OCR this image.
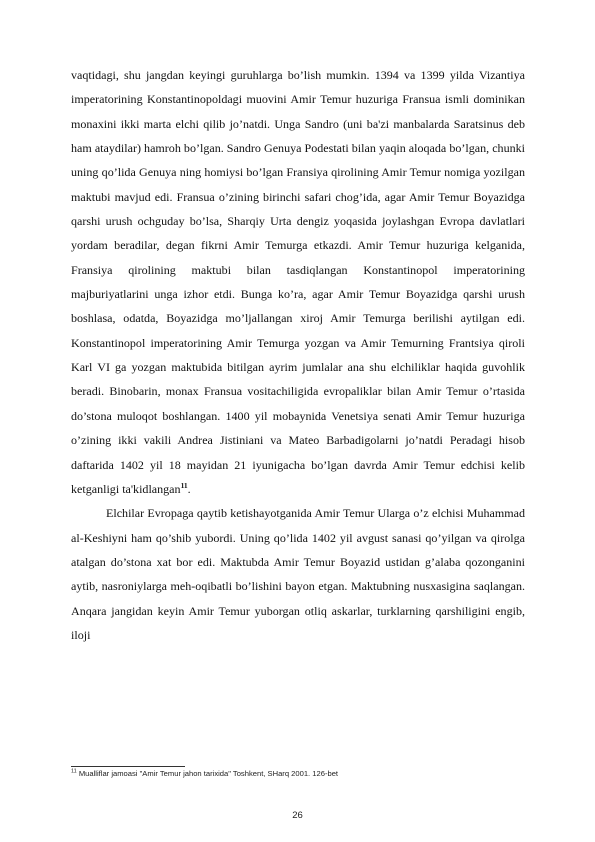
vaqtidagi, shu jangdan keyingi guruhlarga bo’lish mumkin. 1394 va 1399 yilda Vizantiya imperatorining Konstantinopoldagi muovini Amir Temur huzuriga Fransua ismli dominikan monaxini ikki marta elchi qilib jo’natdi. Unga Sandro (uni ba'zi manbalarda Saratsinus deb ham ataydilar) hamroh bo’lgan. Sandro Genuya Podestati bilan yaqin aloqada bo’lgan, chunki uning qo’lida Genuya ning homiysi bo’lgan Fransiya qirolining Amir Temur nomiga yozilgan maktubi mavjud edi. Fransua o’zining birinchi safari chog’ida, agar Amir Temur Boyazidga qarshi urush ochguday bo’lsa, Sharqiy Urta dengiz yoqasida joylashgan Evropa davlatlari yordam beradilar, degan fikrni Amir Temurga etkazdi. Amir Temur huzuriga kelganida, Fransiya qirolining maktubi bilan tasdiqlangan Konstantinopol imperatorining majburiyatlarini unga izhor etdi. Bunga ko’ra, agar Amir Temur Boyazidga qarshi urush boshlasa, odatda, Boyazidga mo’ljallangan xiroj Amir Temurga berilishi aytilgan edi. Konstantinopol imperatorining Amir Temurga yozgan va Amir Temurning Frantsiya qiroli Karl VI ga yozgan maktubida bitilgan ayrim jumlalar ana shu elchiliklar haqida guvohlik beradi. Binobarin, monax Fransua vositachiligida evropaliklar bilan Amir Temur o’rtasida do’stona muloqot boshlangan. 1400 yil mobaynida Venetsiya senati Amir Temur huzuriga o’zining ikki vakili Andrea Jistiniani va Mateo Barbadigolarni jo’natdi Peradagi hisob daftarida 1402 yil 18 mayidan 21 iyunigacha bo’lgan davrda Amir Temur edchisi kelib ketganligi ta'kidlangan$^{11}$.

Elchilar Evropaga qaytib ketishayotganida Amir Temur Ularga o’z elchisi Muhammad al-Keshiyni ham qo’shib yubordi. Uning qo’lida 1402 yil avgust sanasi qo’yilgan va qirolga atalgan do’stona xat bor edi. Maktubda Amir Temur Boyazid ustidan g’alaba qozonganini aytib, nasroniylarga meh-oqibatli bo’lishini bayon etgan. Maktubning nusxasigina saqlangan. Anqara jangidan keyin Amir Temur yuborgan otliq askarlar, turklarning qarshiligini engib, iloji

$^{11}$ Mualliflar jamoasi "Amir Temur jahon tarixida" Toshkent, SHarq 2001. 126-bet
26
